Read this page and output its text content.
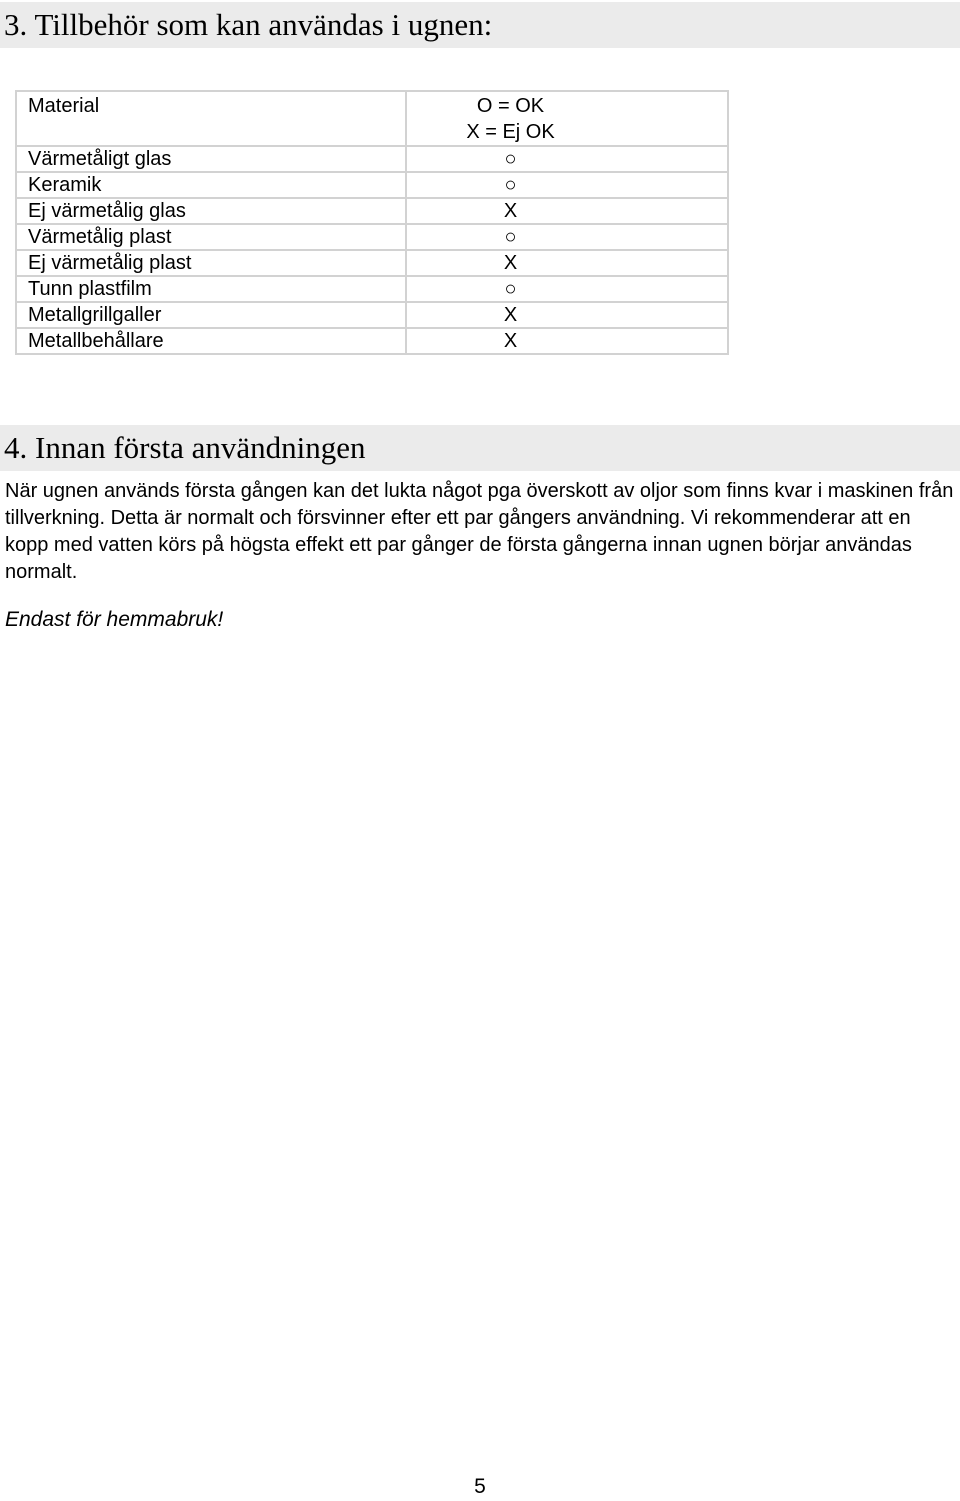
3. Tillbehör som kan användas i ugnen:
Material	O = OK
X = Ej OK

Värmetåligt glas	○
Keramik	○
Ej värmetålig glas	X
Värmetålig plast	○
Ej värmetålig plast	X
Tunn plastfilm	○
Metallgrillgaller	X
Metallbehållare	X
4. Innan första användningen

När ugnen används första gången kan det lukta något pga överskott av oljor som finns kvar i maskinen från tillverkning. Detta är normalt och försvinner efter ett par gångers användning. Vi rekommenderar att en kopp med vatten körs på högsta effekt ett par gånger de första gångerna innan ugnen börjar användas normalt.

Endast för hemmabruk!

5
